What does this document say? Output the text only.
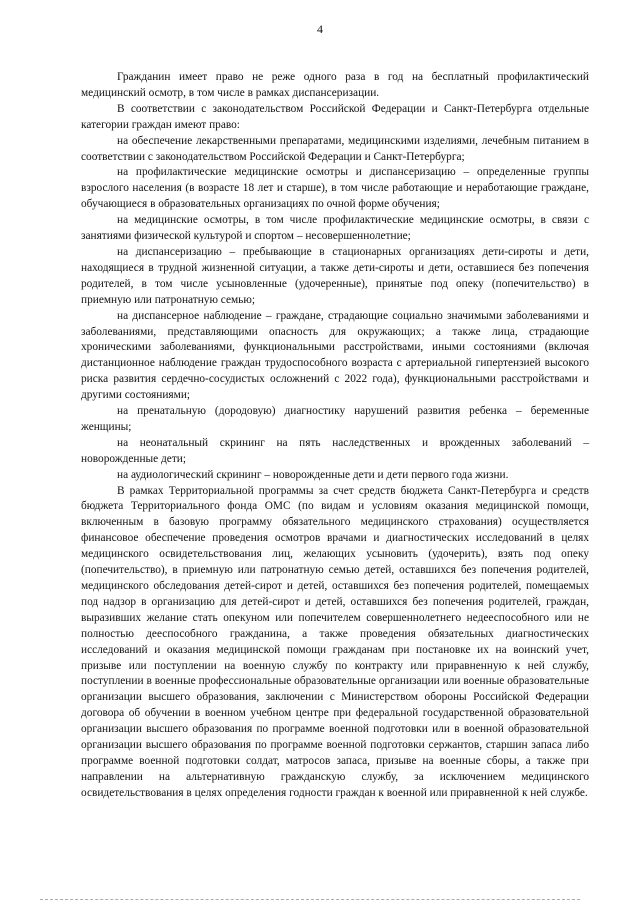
4

Гражданин имеет право не реже одного раза в год на бесплатный профилактический медицинский осмотр, в том числе в рамках диспансеризации.

В соответствии с законодательством Российской Федерации и Санкт-Петербурга отдельные категории граждан имеют право:

на обеспечение лекарственными препаратами, медицинскими изделиями, лечебным питанием в соответствии с законодательством Российской Федерации и Санкт-Петербурга;

на профилактические медицинские осмотры и диспансеризацию – определенные группы взрослого населения (в возрасте 18 лет и старше), в том числе работающие и неработающие граждане, обучающиеся в образовательных организациях по очной форме обучения;

на медицинские осмотры, в том числе профилактические медицинские осмотры, в связи с занятиями физической культурой и спортом – несовершеннолетние;

на диспансеризацию – пребывающие в стационарных организациях дети-сироты и дети, находящиеся в трудной жизненной ситуации, а также дети-сироты и дети, оставшиеся без попечения родителей, в том числе усыновленные (удочеренные), принятые под опеку (попечительство) в приемную или патронатную семью;

на диспансерное наблюдение – граждане, страдающие социально значимыми заболеваниями и заболеваниями, представляющими опасность для окружающих; а также лица, страдающие хроническими заболеваниями, функциональными расстройствами, иными состояниями (включая дистанционное наблюдение граждан трудоспособного возраста с артериальной гипертензией высокого риска развития сердечно-сосудистых осложнений с 2022 года), функциональными расстройствами и другими состояниями;

на пренатальную (дородовую) диагностику нарушений развития ребенка – беременные женщины;

на неонатальный скрининг на пять наследственных и врожденных заболеваний – новорожденные дети;

на аудиологический скрининг – новорожденные дети и дети первого года жизни.

В рамках Территориальной программы за счет средств бюджета Санкт-Петербурга и средств бюджета Территориального фонда ОМС (по видам и условиям оказания медицинской помощи, включенным в базовую программу обязательного медицинского страхования) осуществляется финансовое обеспечение проведения осмотров врачами и диагностических исследований в целях медицинского освидетельствования лиц, желающих усыновить (удочерить), взять под опеку (попечительство), в приемную или патронатную семью детей, оставшихся без попечения родителей, медицинского обследования детей-сирот и детей, оставшихся без попечения родителей, помещаемых под надзор в организацию для детей-сирот и детей, оставшихся без попечения родителей, граждан, выразивших желание стать опекуном или попечителем совершеннолетнего недееспособного или не полностью дееспособного гражданина, а также проведения обязательных диагностических исследований и оказания медицинской помощи гражданам при постановке их на воинский учет, призыве или поступлении на военную службу по контракту или приравненную к ней службу, поступлении в военные профессиональные образовательные организации или военные образовательные организации высшего образования, заключении с Министерством обороны Российской Федерации договора об обучении в военном учебном центре при федеральной государственной образовательной организации высшего образования по программе военной подготовки или в военной образовательной организации высшего образования по программе военной подготовки сержантов, старшин запаса либо программе военной подготовки солдат, матросов запаса, призыве на военные сборы, а также при направлении на альтернативную гражданскую службу, за исключением медицинского освидетельствования в целях определения годности граждан к военной или приравненной к ней службе.
